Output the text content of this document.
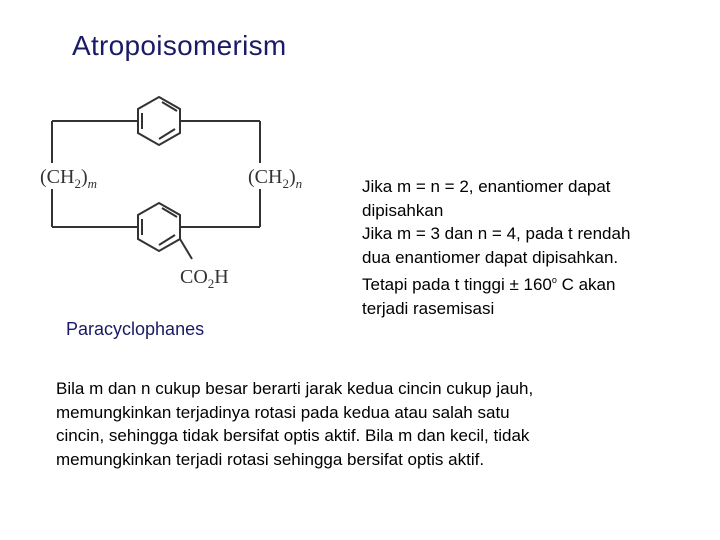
Atropoisomerism
$(CH_2)_m$	$(CH_2)_n$
$CO_2H$
Paracyclophanes
Jika m = n = 2, enantiomer dapat
dipisahkan
Jika m = 3 dan n = 4, pada t rendah
dua enantiomer dapat dipisahkan.
Tetapi pada t tinggi ± $160^o$ C akan
terjadi rasemisasi
Bila m dan n cukup besar berarti jarak kedua cincin cukup jauh,
memungkinkan terjadinya rotasi pada kedua atau salah satu
cincin, sehingga tidak bersifat optis aktif. Bila m dan kecil, tidak
memungkinkan terjadi rotasi sehingga bersifat optis aktif.
